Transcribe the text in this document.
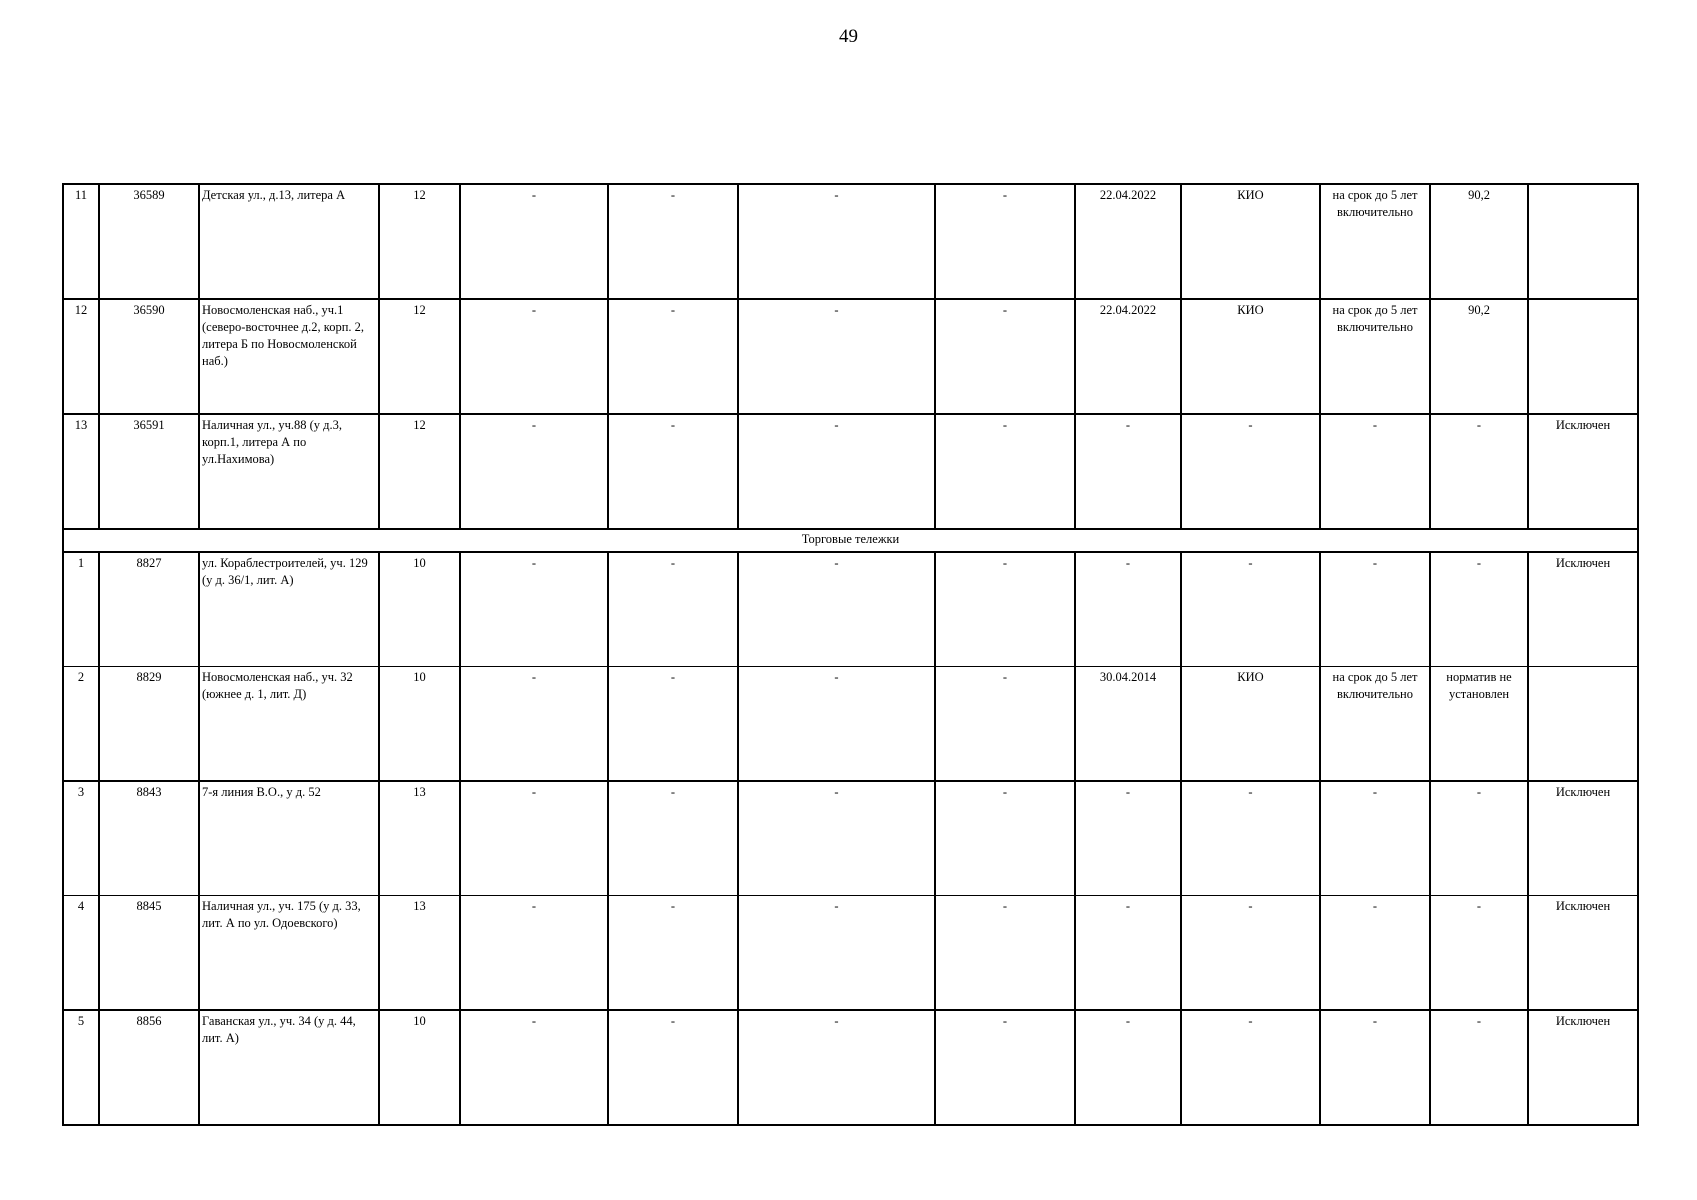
49
11	36589	Детская ул., д.13, литера А	12	-	-	-	-	22.04.2022	КИО	на срок до 5 лет включительно	90,2	
12	36590	Новосмоленская наб., уч.1 (северо-восточнее д.2, корп. 2, литера Б по Новосмоленской наб.)	12	-	-	-	-	22.04.2022	КИО	на срок до 5 лет включительно	90,2	
13	36591	Наличная ул., уч.88 (у д.3, корп.1, литера А по ул.Нахимова)	12	-	-	-	-	-	-	-	-	Исключен
Торговые тележки												
1	8827	ул. Кораблестроителей, уч. 129 (у д. 36/1, лит. А)	10	-	-	-	-	-	-	-	-	Исключен
2	8829	Новосмоленская наб., уч. 32 (южнее д. 1, лит. Д)	10	-	-	-	-	30.04.2014	КИО	на срок до 5 лет включительно	норматив не установлен	
3	8843	7-я линия В.О., у д. 52	13	-	-	-	-	-	-	-	-	Исключен
4	8845	Наличная ул., уч. 175 (у д. 33, лит. А по ул. Одоевского)	13	-	-	-	-	-	-	-	-	Исключен
5	8856	Гаванская ул., уч. 34 (у д. 44, лит. А)	10	-	-	-	-	-	-	-	-	Исключен
